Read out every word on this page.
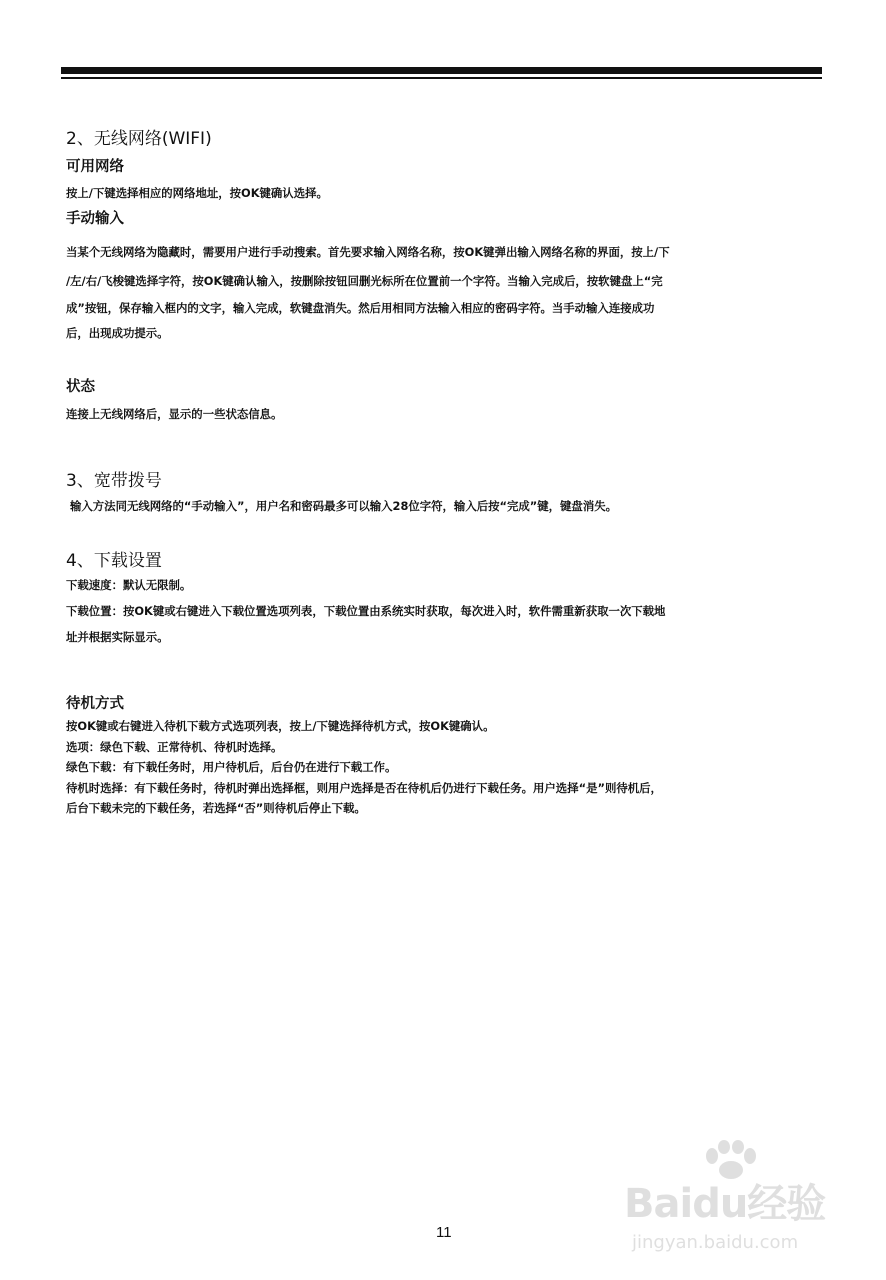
2、无线网络(WIFI)
可用网络
按上/下键选择相应的网络地址，按OK键确认选择。
手动输入
当某个无线网络为隐藏时，需要用户进行手动搜索。首先要求输入网络名称，按OK键弹出输入网络名称的界面，按上/下
/左/右/飞梭键选择字符，按OK键确认输入，按删除按钮回删光标所在位置前一个字符。当输入完成后，按软键盘上“完
成”按钮，保存输入框内的文字，输入完成，软键盘消失。然后用相同方法输入相应的密码字符。当手动输入连接成功
后，出现成功提示。
状态
连接上无线网络后，显示的一些状态信息。
3、宽带拨号
输入方法同无线网络的“手动输入”，用户名和密码最多可以输入28位字符，输入后按“完成”键，键盘消失。
4、下载设置
下载速度：默认无限制。
下载位置：按OK键或右键进入下载位置选项列表，下载位置由系统实时获取，每次进入时，软件需重新获取一次下载地
址并根据实际显示。
待机方式
按OK键或右键进入待机下载方式选项列表，按上/下键选择待机方式，按OK键确认。
选项：绿色下载、正常待机、待机时选择。
绿色下载：有下载任务时，用户待机后，后台仍在进行下载工作。
待机时选择：有下载任务时，待机时弹出选择框，则用户选择是否在待机后仍进行下载任务。用户选择“是”则待机后，
后台下载未完的下载任务，若选择“否”则待机后停止下载。
Baidu经验
jingyan.baidu.com
11
